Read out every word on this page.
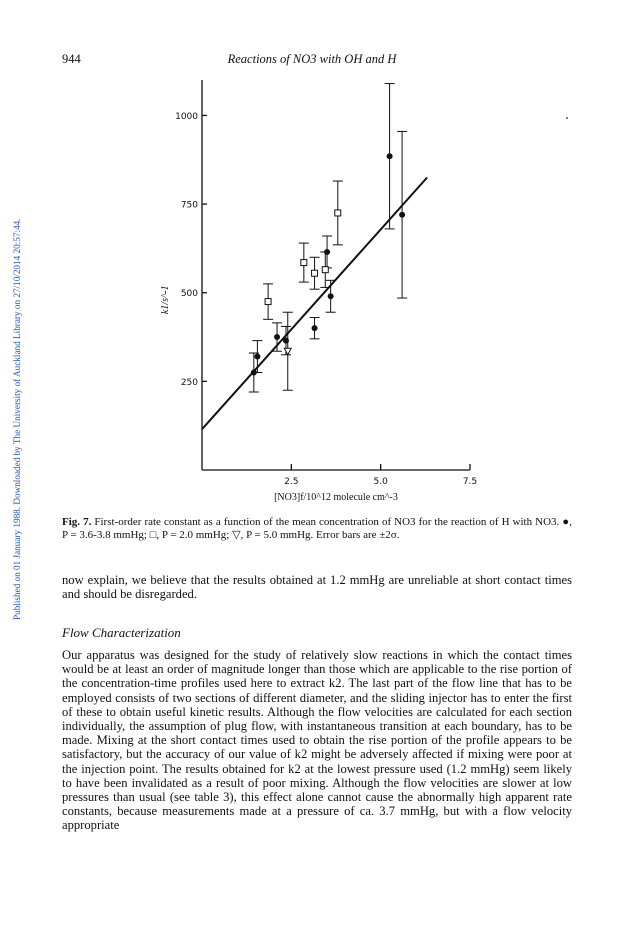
Published on 01 January 1988. Downloaded by The University of Auckland Library on 27/10/2014 20:57:44.
944	Reactions of NO3 with OH and H
250
500
750
1000
2.5	5.0	7.5
[NO3]f/10^12 molecule cm^-3
k1/s^-1
Fig. 7. First-order rate constant as a function of the mean concentration of NO3 for the reaction of H with NO3. ●, P = 3.6-3.8 mmHg; □, P = 2.0 mmHg; ▽, P = 5.0 mmHg. Error bars are ±2σ.

now explain, we believe that the results obtained at 1.2 mmHg are unreliable at short contact times and should be disregarded.

Flow Characterization

Our apparatus was designed for the study of relatively slow reactions in which the contact times would be at least an order of magnitude longer than those which are applicable to the rise portion of the concentration-time profiles used here to extract k2. The last part of the flow line that has to be employed consists of two sections of different diameter, and the sliding injector has to enter the first of these to obtain useful kinetic results. Although the flow velocities are calculated for each section individually, the assumption of plug flow, with instantaneous transition at each boundary, has to be made. Mixing at the short contact times used to obtain the rise portion of the profile appears to be satisfactory, but the accuracy of our value of k2 might be adversely affected if mixing were poor at the injection point. The results obtained for k2 at the lowest pressure used (1.2 mmHg) seem likely to have been invalidated as a result of poor mixing. Although the flow velocities are slower at low pressures than usual (see table 3), this effect alone cannot cause the abnormally high apparent rate constants, because measurements made at a pressure of ca. 3.7 mmHg, but with a flow velocity appropriate
